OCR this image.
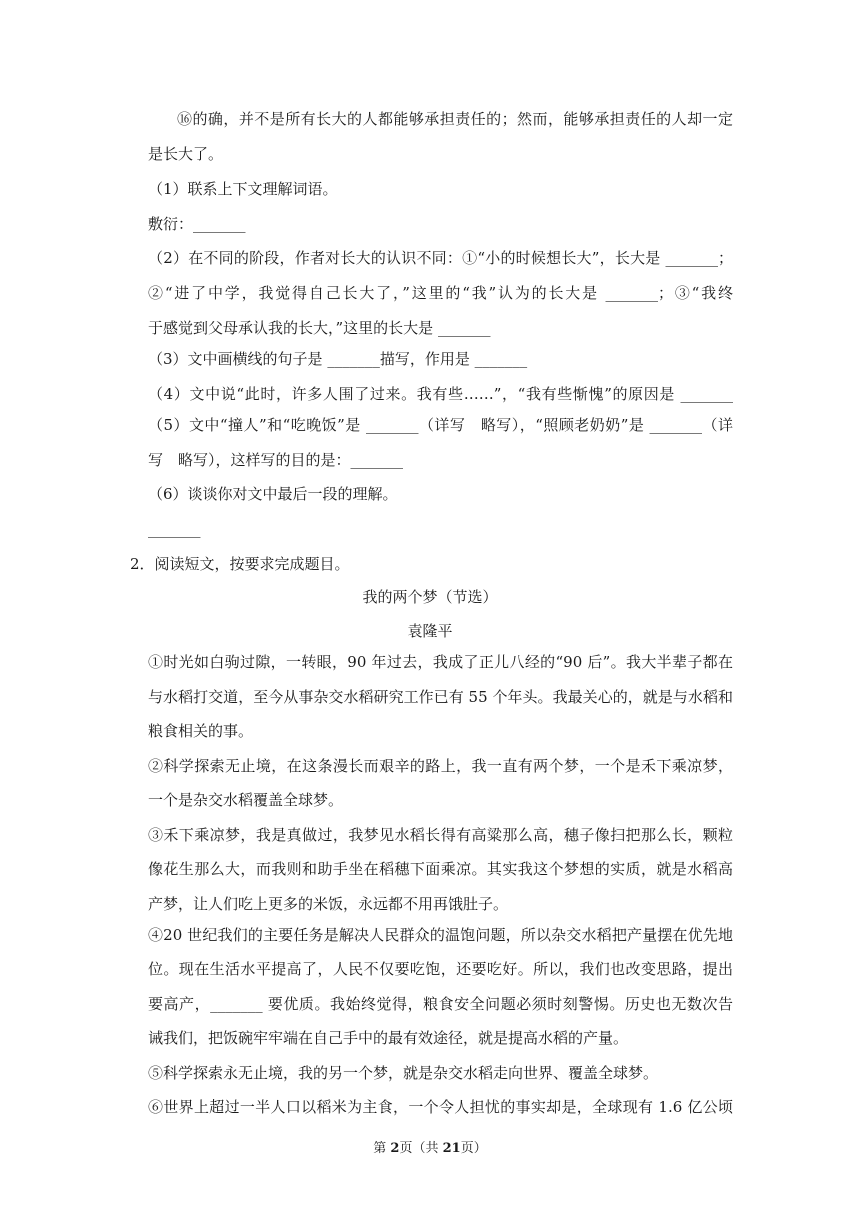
⑯的确，并不是所有长大的人都能够承担责任的；然而，能够承担责任的人却一定
是长大了。
（1）联系上下文理解词语。
敷衍：_______
（2）在不同的阶段，作者对长大的认识不同：①“小的时候想长大”，长大是 _______；
②“进了中学，我觉得自己长大了，”这里的“我”认为的长大是 _______；③“我终
于感觉到父母承认我的长大，”这里的长大是 _______
（3）文中画横线的句子是 _______描写，作用是 _______
（4）文中说“此时，许多人围了过来。我有些……”，“我有些惭愧”的原因是 _______
（5）文中“撞人”和“吃晚饭”是 _______（详写　略写），“照顾老奶奶”是 _______（详
写　略写），这样写的目的是：_______
（6）谈谈你对文中最后一段的理解。
_______
2．阅读短文，按要求完成题目。
我的两个梦（节选）
袁隆平
①时光如白驹过隙，一转眼，90 年过去，我成了正儿八经的“90 后”。我大半辈子都在
与水稻打交道，至今从事杂交水稻研究工作已有 55 个年头。我最关心的，就是与水稻和
粮食相关的事。
②科学探索无止境，在这条漫长而艰辛的路上，我一直有两个梦，一个是禾下乘凉梦，
一个是杂交水稻覆盖全球梦。
③禾下乘凉梦，我是真做过，我梦见水稻长得有高粱那么高，穗子像扫把那么长，颗粒
像花生那么大，而我则和助手坐在稻穗下面乘凉。其实我这个梦想的实质，就是水稻高
产梦，让人们吃上更多的米饭，永远都不用再饿肚子。
④20 世纪我们的主要任务是解决人民群众的温饱问题，所以杂交水稻把产量摆在优先地
位。现在生活水平提高了，人民不仅要吃饱，还要吃好。所以，我们也改变思路，提出
要高产，_______ 要优质。我始终觉得，粮食安全问题必须时刻警惕。历史也无数次告
诫我们，把饭碗牢牢端在自己手中的最有效途径，就是提高水稻的产量。
⑤科学探索永无止境，我的另一个梦，就是杂交水稻走向世界、覆盖全球梦。
⑥世界上超过一半人口以稻米为主食，一个令人担忧的事实却是，全球现有 1.6 亿公顷
第 2页（共 21页）
